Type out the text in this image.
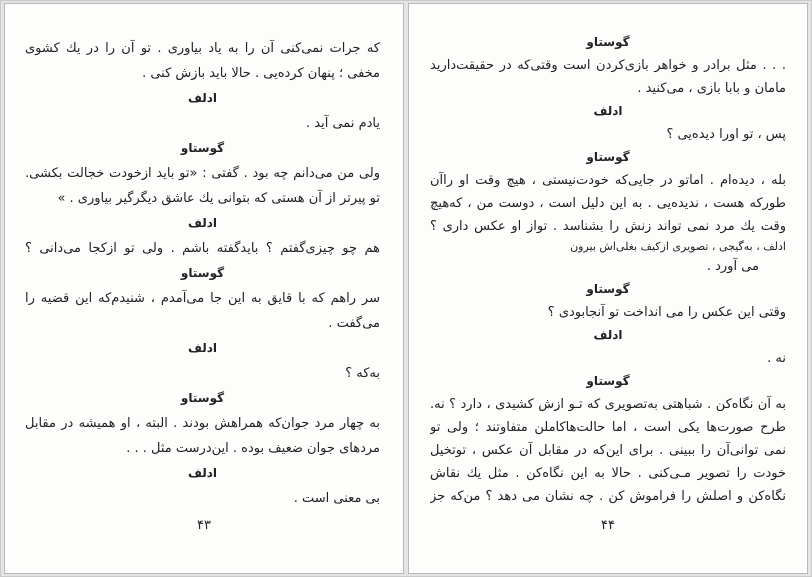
که جرات نمی‌کنی آن را به یاد بیاوری . تو آن را در یك کشوی
مخفی ؛ پنهان کرده‌یی . حالا باید بازش کنی .
ادلف
یادم نمی آید .
گوستاو
ولی من می‌دانم چه بود . گفتی : «تو باید ازخودت خجالت بکشی.
تو پیرتر از آن هستی که بتوانی یك عاشق دیگرگیر بیاوری . »
ادلف
هم چو چیزی‌گفتم ؟ بایدگفته باشم . ولی تو ازکجا می‌دانی ؟
گوستاو
سر راهم که با قایق به این جا می‌آمدم ، شنیدم‌که این قضیه را
می‌گفت .
ادلف
به‌که ؟
گوستاو
به چهار مرد جوان‌که همراهش بودند . البته ، او همیشه در مقابل
مردهای جوان ضعیف بوده . این‌درست مثل . . .
ادلف
بی معنی است .
۴۳
گوستاو
. . . مثل برادر و خواهر بازی‌کردن است وقتی‌که در حقیقت‌دارید
مامان و بابا بازی ، می‌کنید .
ادلف
پس ، تو اورا دیده‌یی ؟
گوستاو
بله ، دیده‌ام . اماتو در جایی‌که خودت‌نیستی ، هیچ وقت او راآن
طورکه هست ، ندیده‌یی . به این دلیل است ، دوست من ، که‌هیچ
وقت یك مرد نمی تواند زنش را بشناسد . تواز او عکس داری ؟
ادلف ، به‌گیجی ، تصویری ازکیف بغلی‌اش بیرون
می آورد .
گوستاو
وقتی این عکس را می انداخت تو آنجابودی ؟
ادلف
نه .
گوستاو
به آن نگاه‌کن . شباهتی به‌تصویری که تـو ازش کشیدی ، دارد ؟ نه.
طرح صورت‌ها یکی است ، اما حالت‌هاکاملن متفاوتند ؛ ولی تو
نمی توانی‌آن را ببینی . برای این‌که در مقابل آن عکس ، توتخیل
خودت را تصویر مـی‌کنی . حالا به این نگاه‌کن . مثل یك نقاش
نگاه‌کن و اصلش را فراموش کن . چه نشان می دهد ؟ من‌که جز
۴۴
